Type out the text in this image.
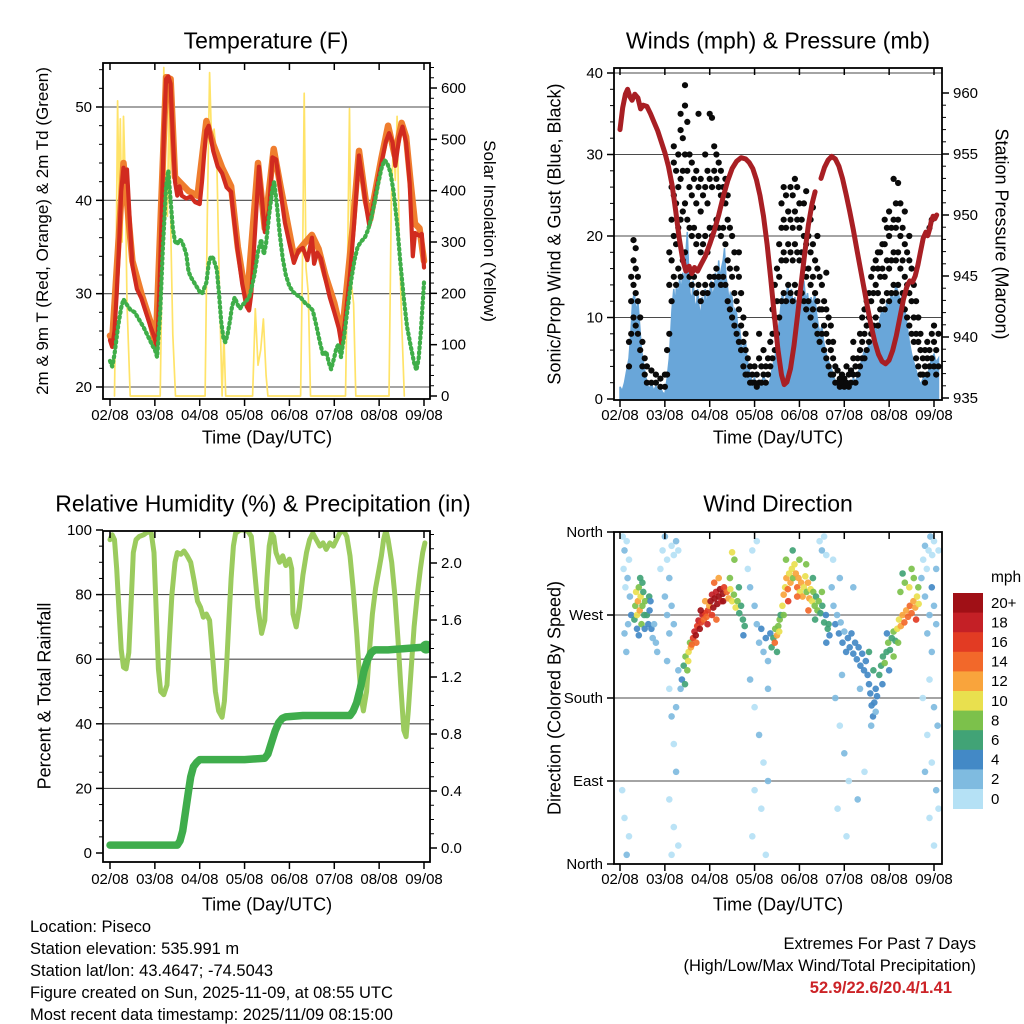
02/08 03/08 04/08 05/08 06/08 07/08 08/08 09/08
20
30
40
50
0
100
200
300
400
500
600
02/08 03/08 04/08 05/08 06/08 07/08 08/08 09/08
0
10
20
30
40
935
940
945
950
955
960
02/08 03/08 04/08 05/08 06/08 07/08 08/08 09/08
0
20
40
60
80
100
0.0
0.4
0.8
1.2
1.6
2.0
02/08 03/08 04/08 05/08 06/08 07/08 08/08 09/08
North
West
South
East
North
20+
18
16
14
12
10
8
6
4
2
0
Temperature (F)	Winds (mph) & Pressure (mb)
Relative Humidity (%) & Precipitation (in)	Wind Direction
Time (Day/UTC)	Time (Day/UTC)
Time (Day/UTC)	Time (Day/UTC)
2m & 9m T (Red, Orange) & 2m Td (Green)	Solar Insolation (Yellow)	Sonic/Prop Wind & Gust (Blue, Black)	Station Pressure (Maroon)
Percent & Total Rainfall	Direction (Colored By Speed)
mph
Location: Piseco
Station elevation: 535.991 m
Station lat/lon: 43.4647; -74.5043
Figure created on Sun, 2025-11-09, at 08:55 UTC
Most recent data timestamp: 2025/11/09 08:15:00
Extremes For Past 7 Days
(High/Low/Max Wind/Total Precipitation)
52.9/22.6/20.4/1.41
